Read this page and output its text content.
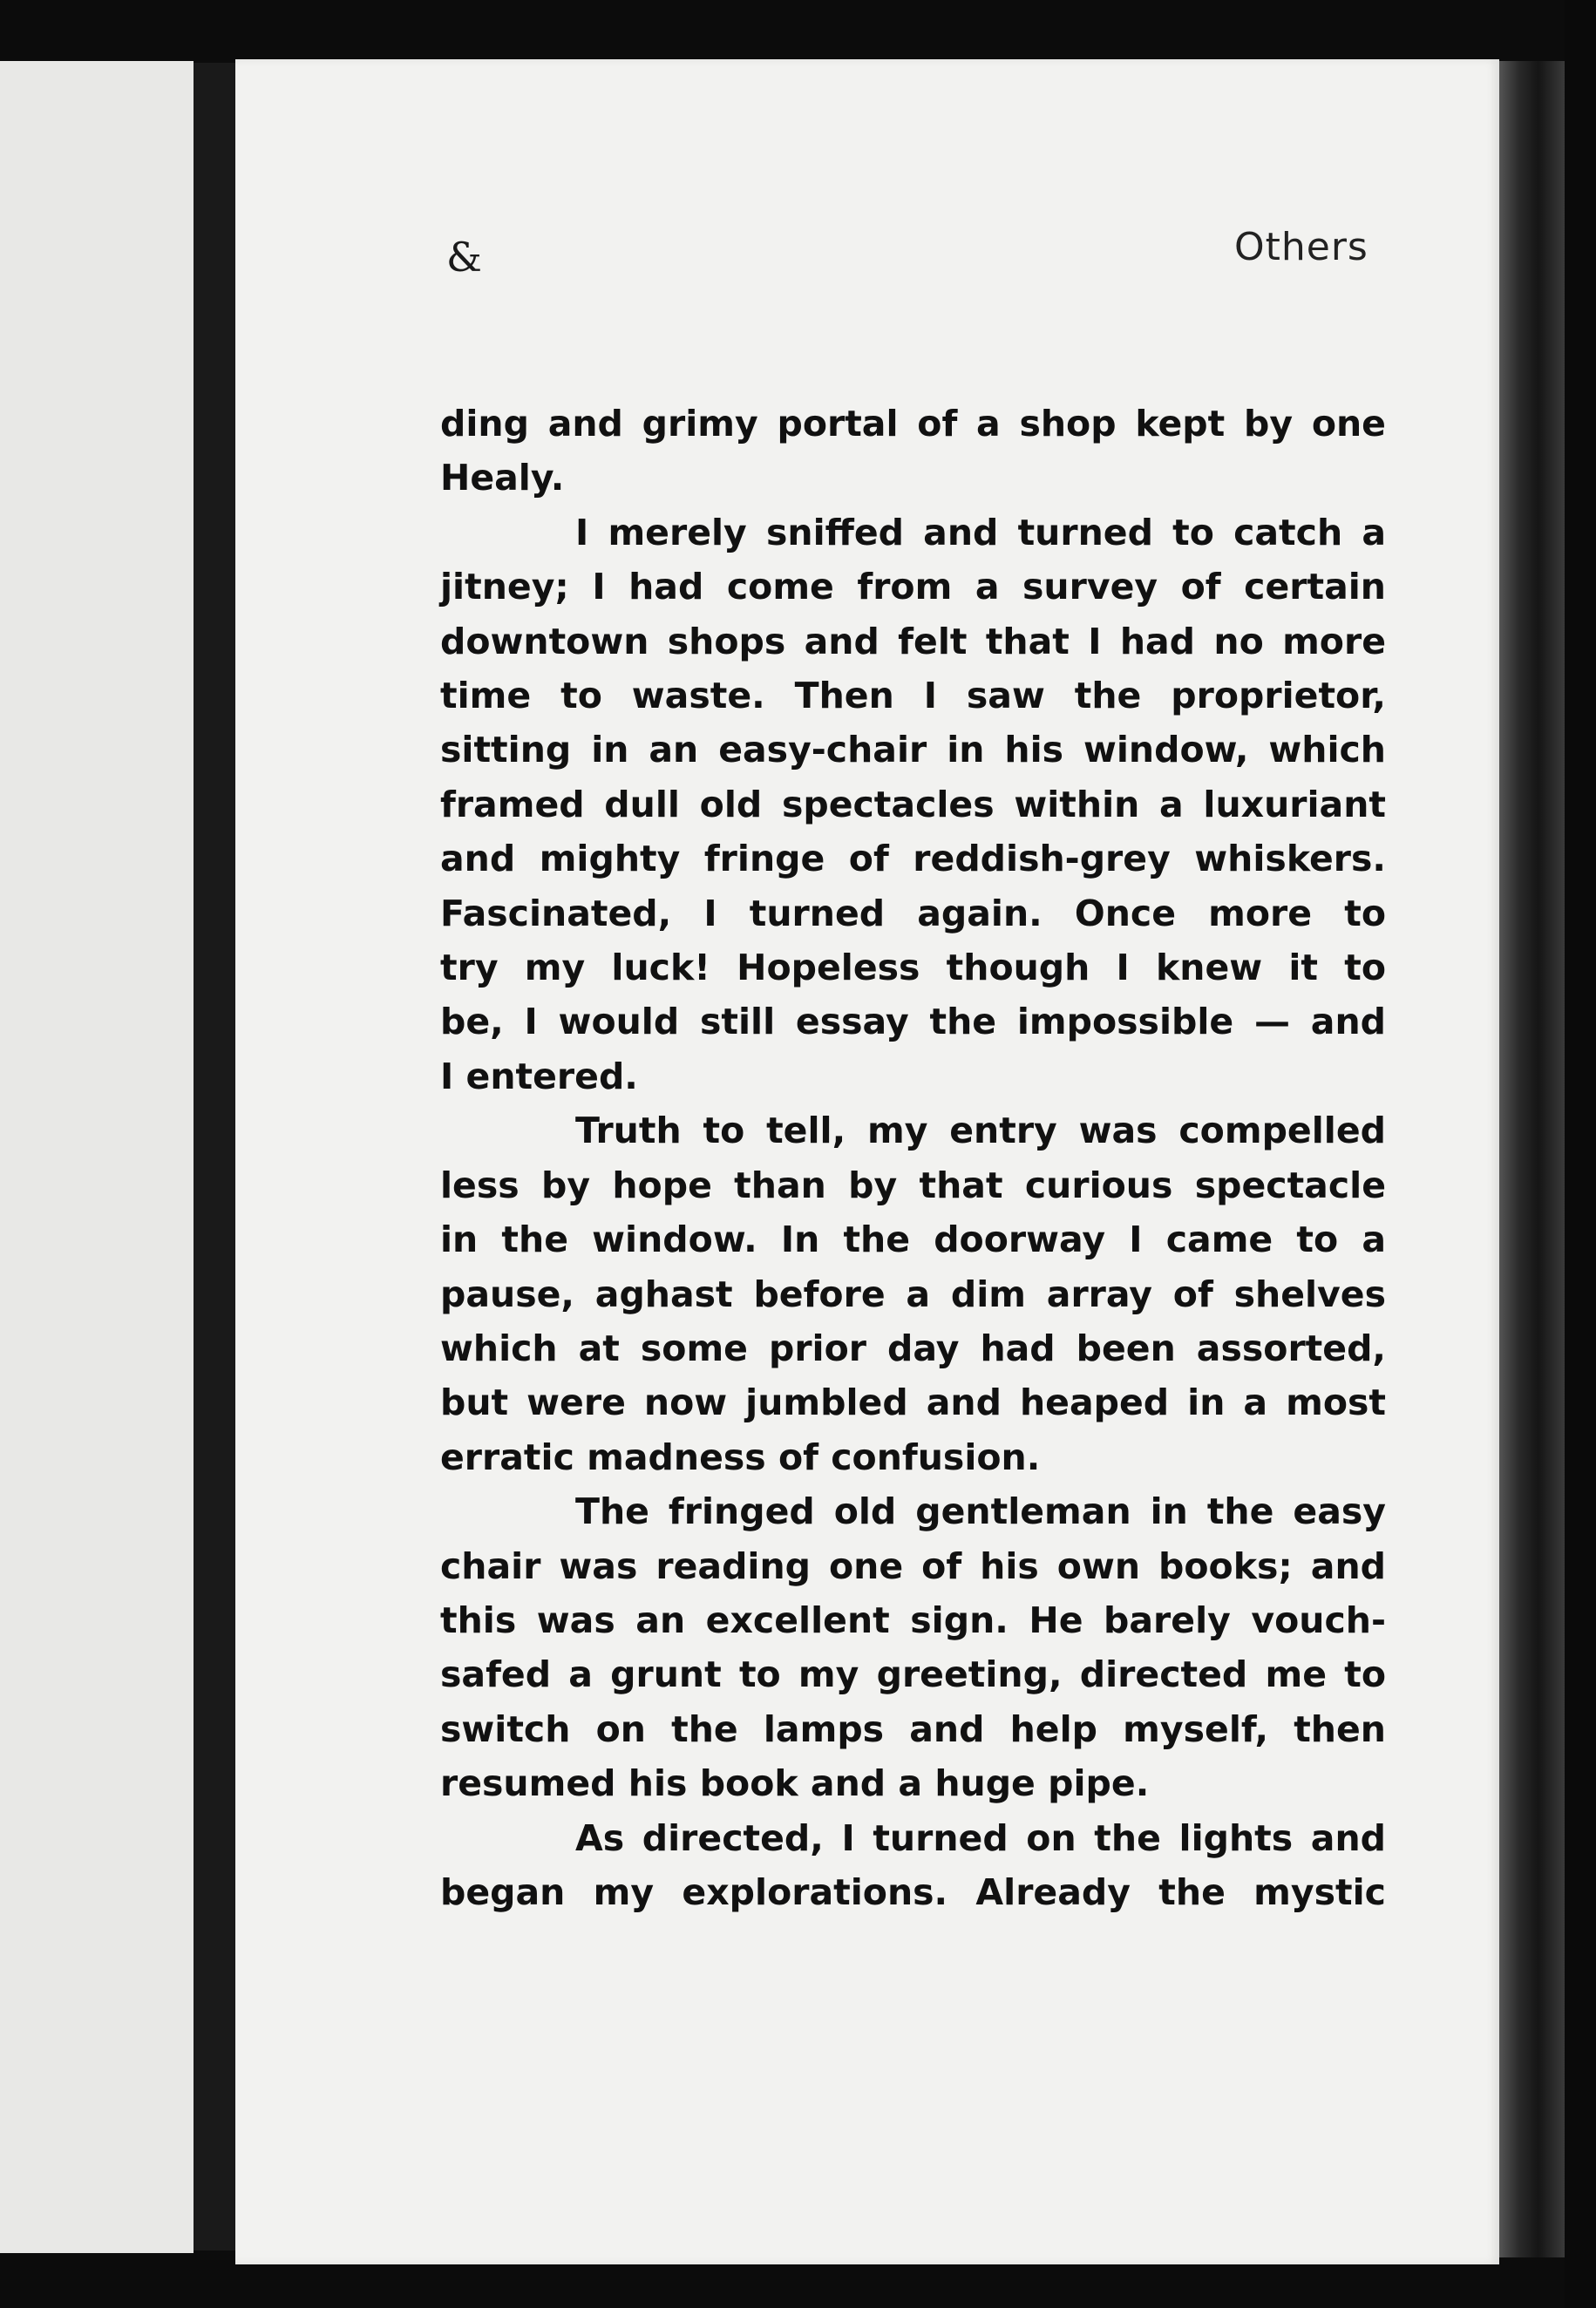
&	Others
ding and grimy portal of a shop kept by one
Healy.
I merely sniffed and turned to catch a
jitney; I had come from a survey of certain
downtown shops and felt that I had no more
time to waste. Then I saw the proprietor,
sitting in an easy-chair in his window, which
framed dull old spectacles within a luxuriant
and mighty fringe of reddish-grey whiskers.
Fascinated, I turned again. Once more to
try my luck! Hopeless though I knew it to
be, I would still essay the impossible — and
I entered.
Truth to tell, my entry was compelled
less by hope than by that curious spectacle
in the window. In the doorway I came to a
pause, aghast before a dim array of shelves
which at some prior day had been assorted,
but were now jumbled and heaped in a most
erratic madness of confusion.
The fringed old gentleman in the easy
chair was reading one of his own books; and
this was an excellent sign. He barely vouch-
safed a grunt to my greeting, directed me to
switch on the lamps and help myself, then
resumed his book and a huge pipe.
As directed, I turned on the lights and
began my explorations. Already the mystic
